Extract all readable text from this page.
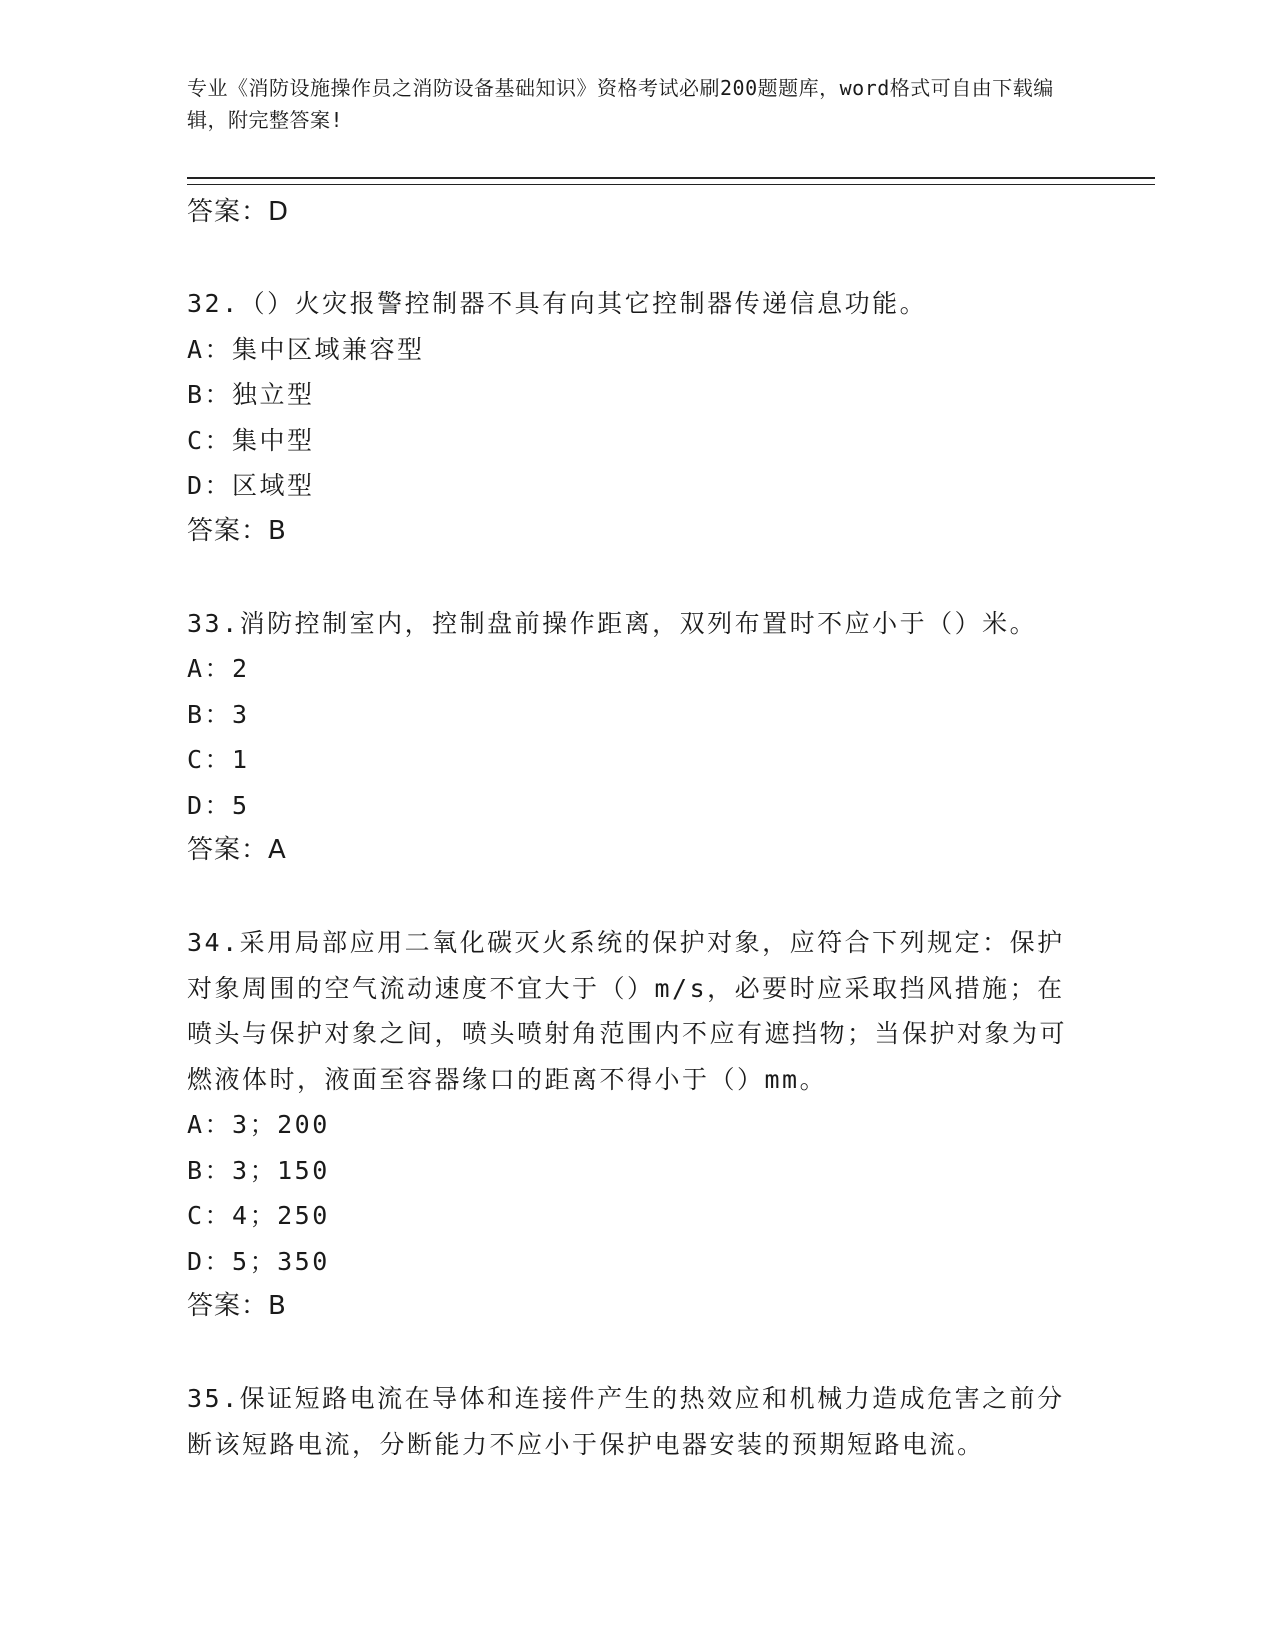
专业《消防设施操作员之消防设备基础知识》资格考试必刷200题题库，word格式可自由下载编辑，附完整答案!
答案：D
32.（）火灾报警控制器不具有向其它控制器传递信息功能。
A：集中区域兼容型
B：独立型
C：集中型
D：区域型
答案：B
33.消防控制室内，控制盘前操作距离，双列布置时不应小于（）米。
A：2
B：3
C：1
D：5
答案：A
34.采用局部应用二氧化碳灭火系统的保护对象，应符合下列规定：保护对象周围的空气流动速度不宜大于（）m/s，必要时应采取挡风措施；在喷头与保护对象之间，喷头喷射角范围内不应有遮挡物；当保护对象为可燃液体时，液面至容器缘口的距离不得小于（）mm。
A：3；200
B：3；150
C：4；250
D：5；350
答案：B
35.保证短路电流在导体和连接件产生的热效应和机械力造成危害之前分断该短路电流，分断能力不应小于保护电器安装的预期短路电流。
